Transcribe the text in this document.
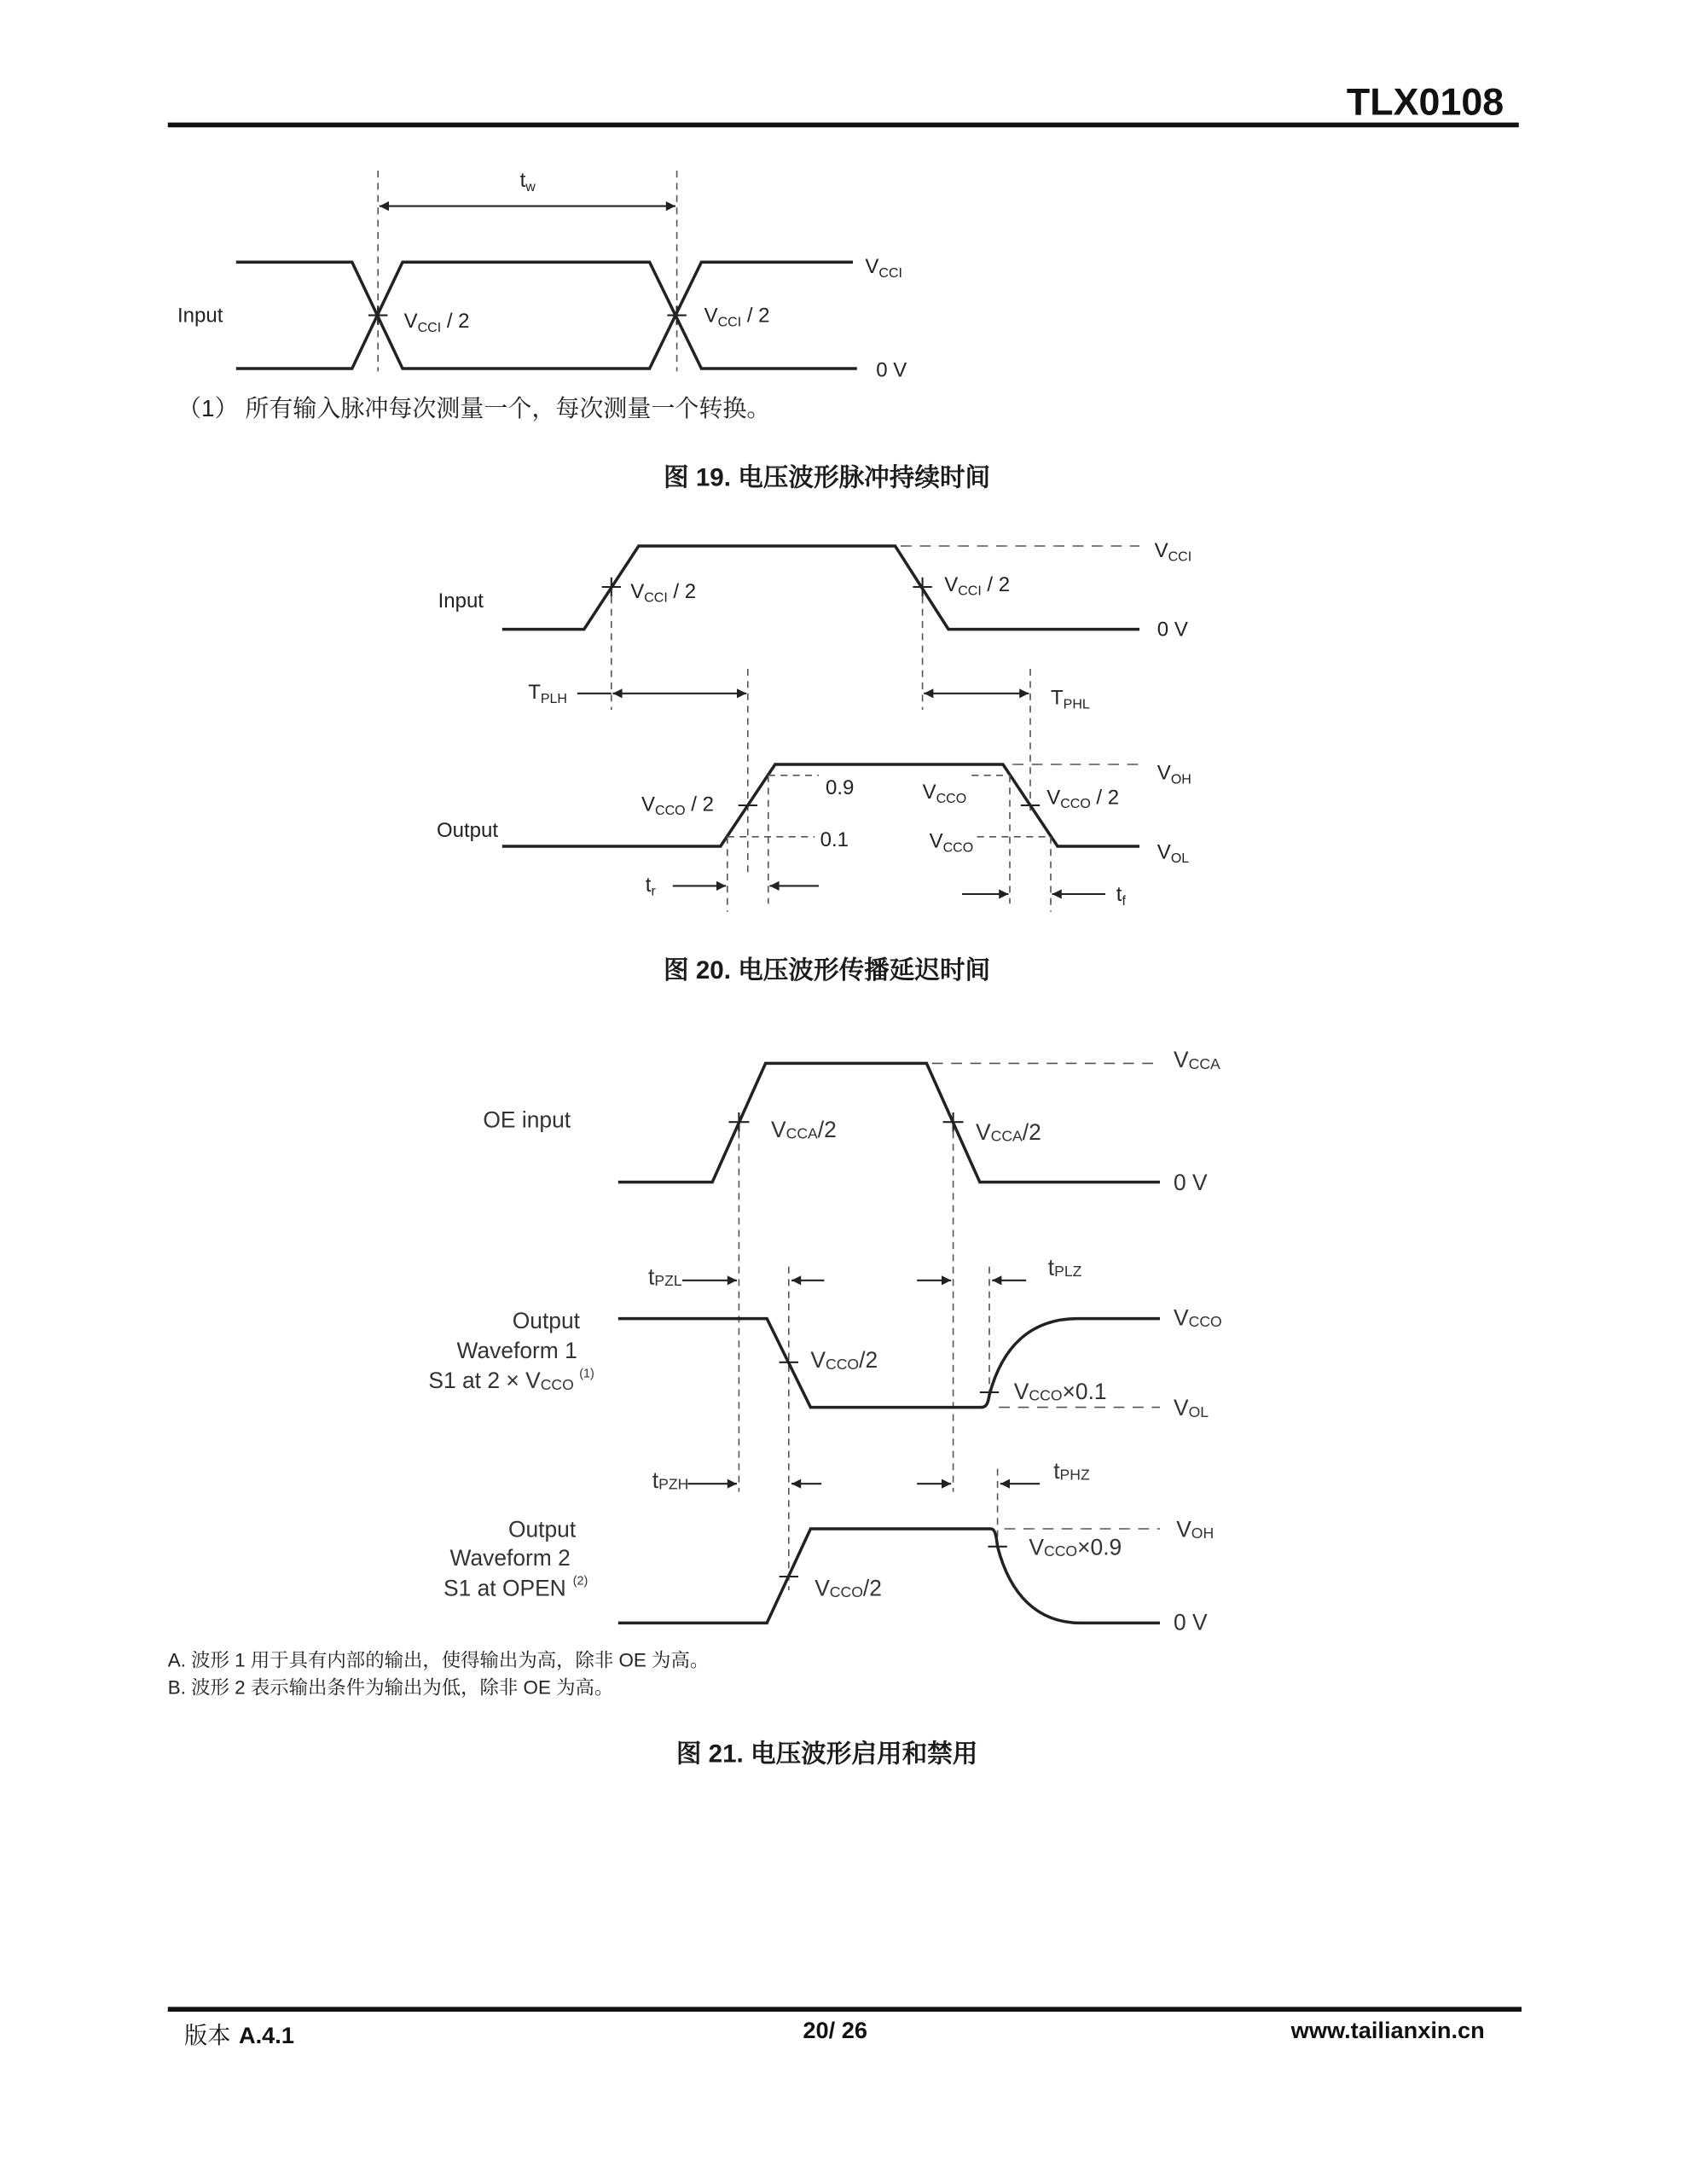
TLX0108
$t_w$
Input	$V_{CCI} / 2$	$V_{CCI} / 2$
$V_{CCI}$
0 V
（1） 所有输入脉冲每次测量一个，每次测量一个转换。
图 19. 电压波形脉冲持续时间
Input	$V_{CCI} / 2$	$V_{CCI} / 2$
$V_{CCI}$
0 V
$T_{PLH}$	$T_{PHL}$
Output
$V_{CCO} / 2$	$V_{CCO} / 2$
0.9
0.1
$V_{CCO}$
$V_{CCO}$
$V_{OH}$
$V_{OL}$
$t_r$	$t_f$
图 20. 电压波形传播延迟时间
OE input	VCCA/2	VCCA/2
VCCA
0 V
tPZL
tPLZ
Output
Waveform 1
S1 at $2 \times VCCO^{(1)}$
VCCO/2
VCCO×0.1
VCCO
VOL
tPZH
tPHZ
Output
Waveform 2
S1 at OPEN $^{(2)}$	VCCO/2
VCCO×0.9
VOH
0 V
A. 波形 1 用于具有内部的输出，使得输出为高，除非 OE 为高。
B. 波形 2 表示输出条件为输出为低，除非 OE 为高。
图 21. 电压波形启用和禁用
版本 A.4.1	20/ 26	www.tailianxin.cn
